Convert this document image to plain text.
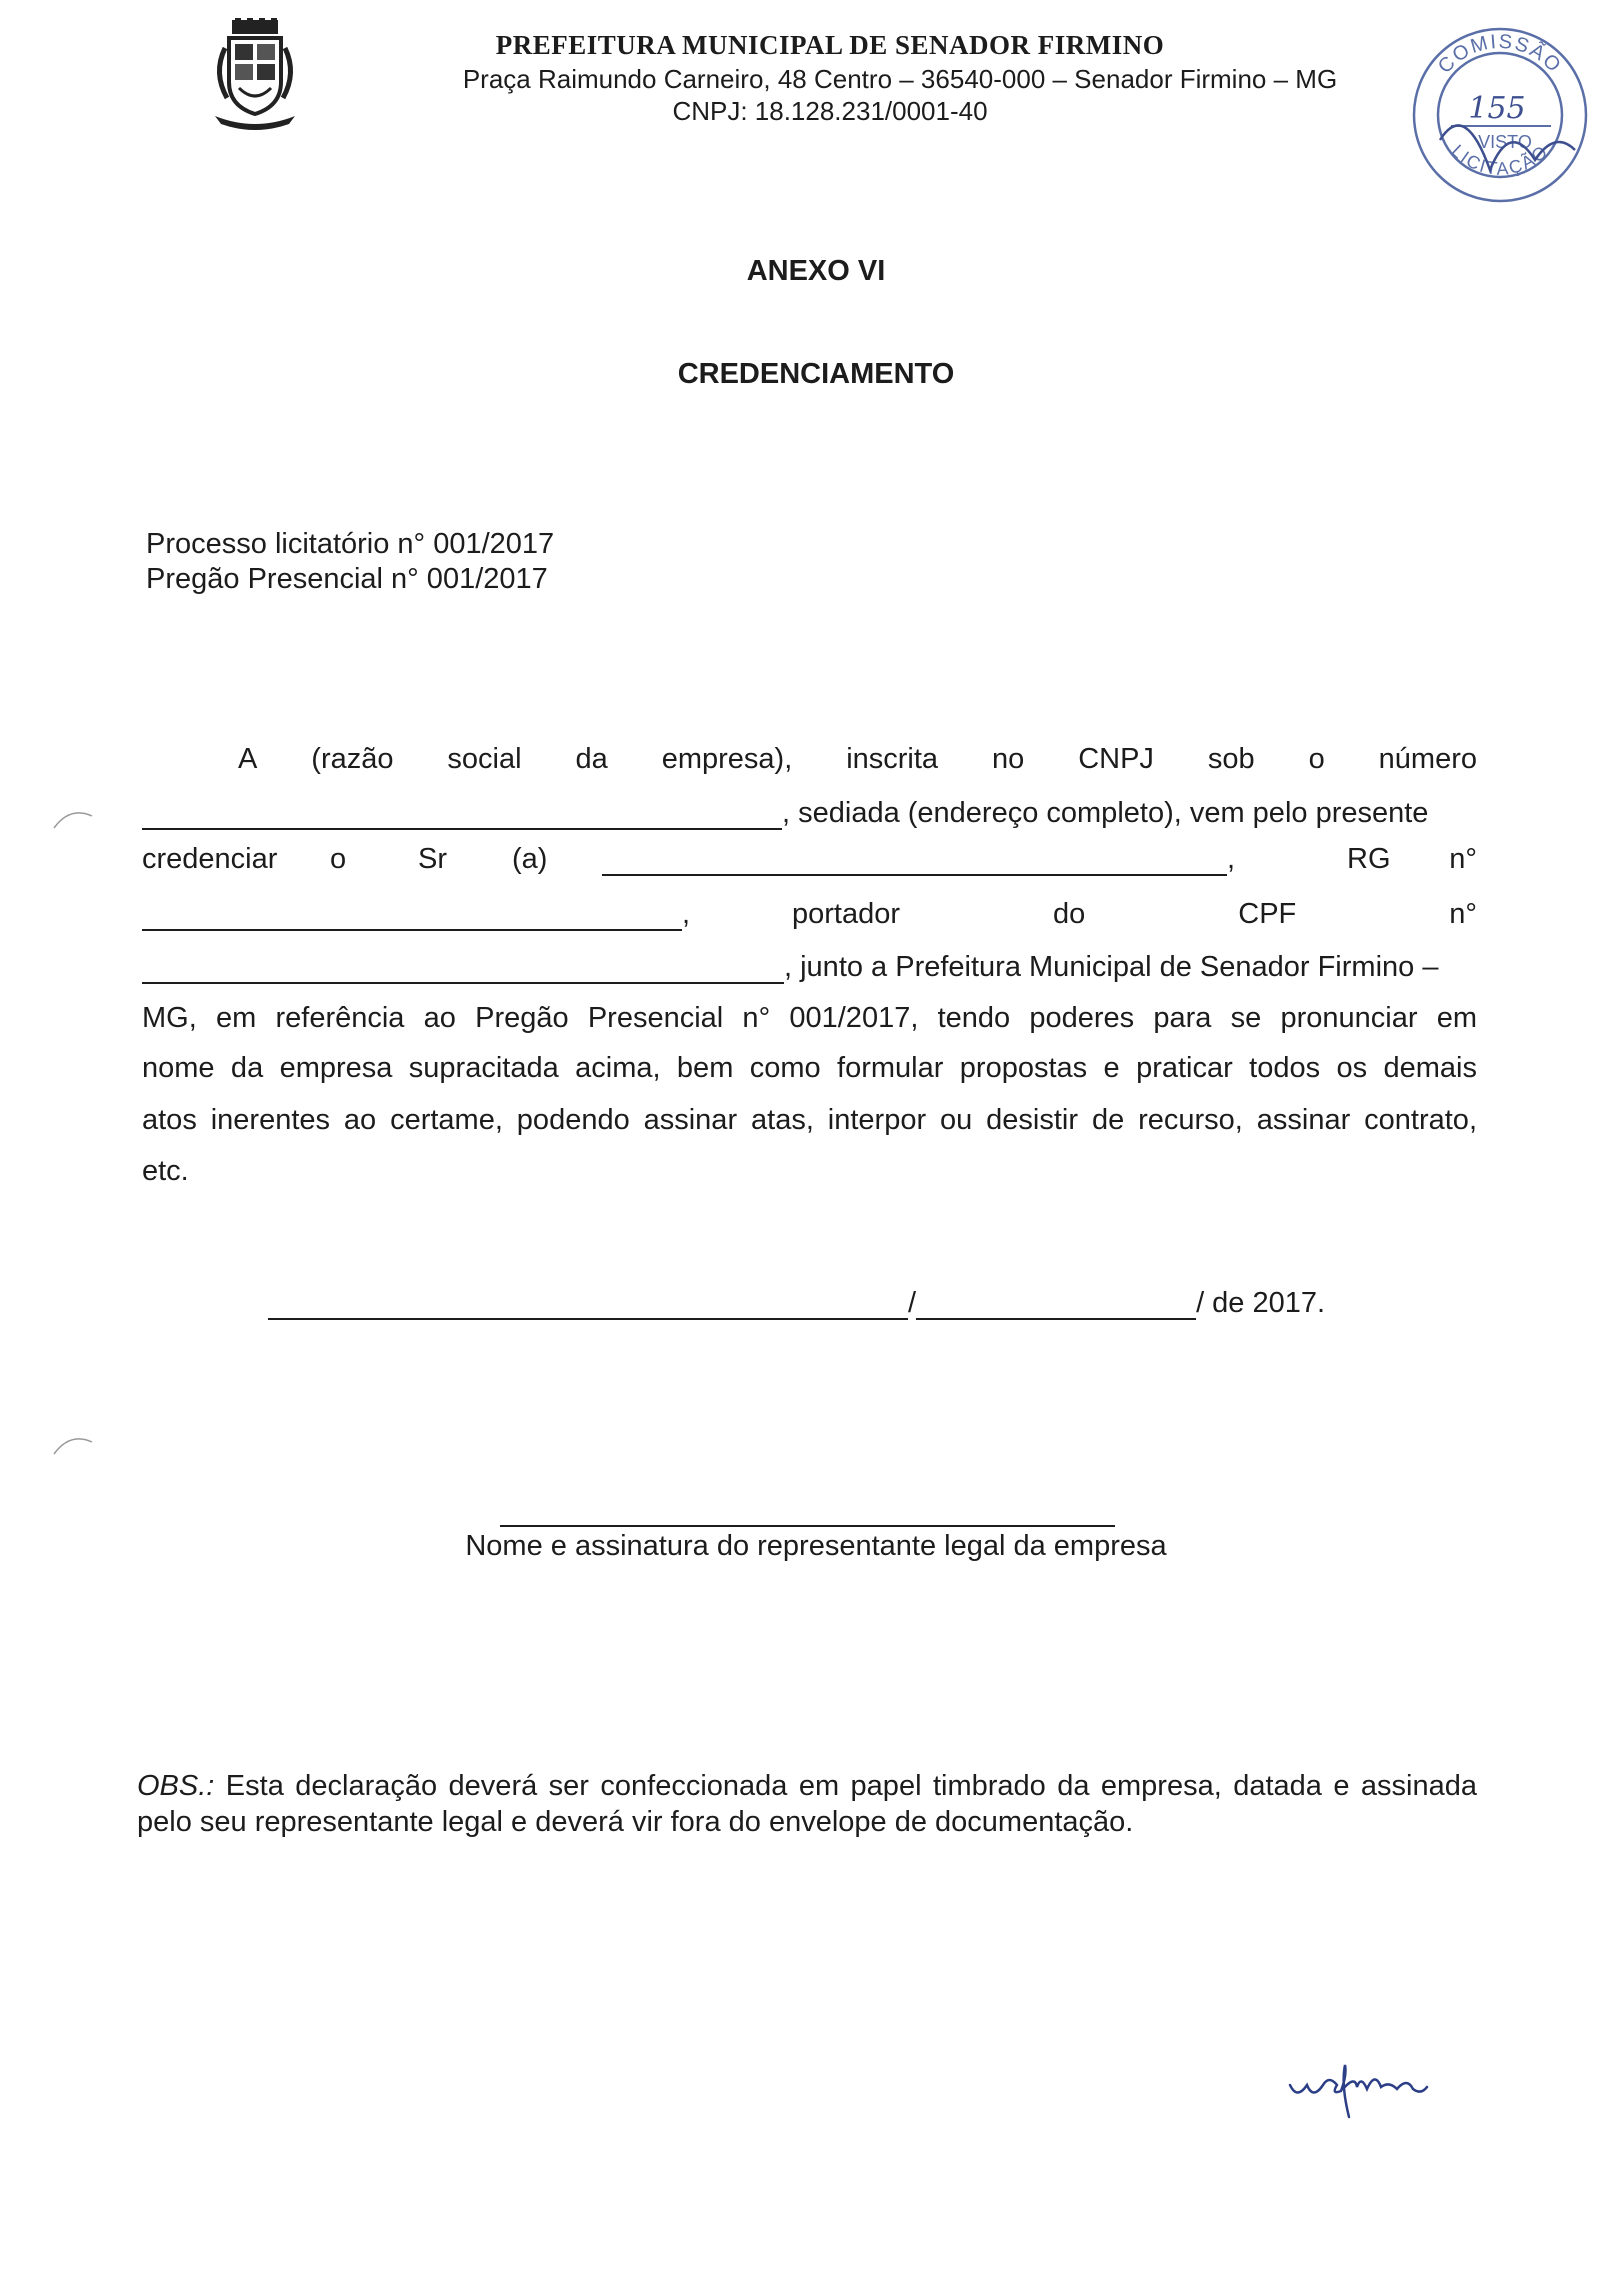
PREFEITURA MUNICIPAL DE SENADOR FIRMINO
Praça Raimundo Carneiro, 48 Centro – 36540-000 – Senador Firmino – MG
CNPJ: 18.128.231/0001-40
COMISSÃO
LICITAÇÃO
155
VISTO
ANEXO VI
CREDENCIAMENTO
Processo licitatório n° 001/2017
Pregão Presencial n° 001/2017
A (razão social da empresa), inscrita no CNPJ sob o número
, sediada (endereço completo), vem pelo presente
credenciar	o	Sr	(a)	,	RG	n°
,	portador	do	CPF	n°
, junto a Prefeitura Municipal de Senador Firmino –
MG, em referência ao Pregão Presencial n° 001/2017, tendo poderes para se pronunciar em
nome da empresa supracitada acima, bem como formular propostas e praticar todos os demais
atos inerentes ao certame, podendo assinar atas, interpor ou desistir de recurso, assinar contrato,
etc.
/	/ de 2017.
Nome e assinatura do representante legal da empresa
OBS.: Esta declaração deverá ser confeccionada em papel timbrado da empresa, datada e assinada pelo seu representante legal e deverá vir fora do envelope de documentação.
